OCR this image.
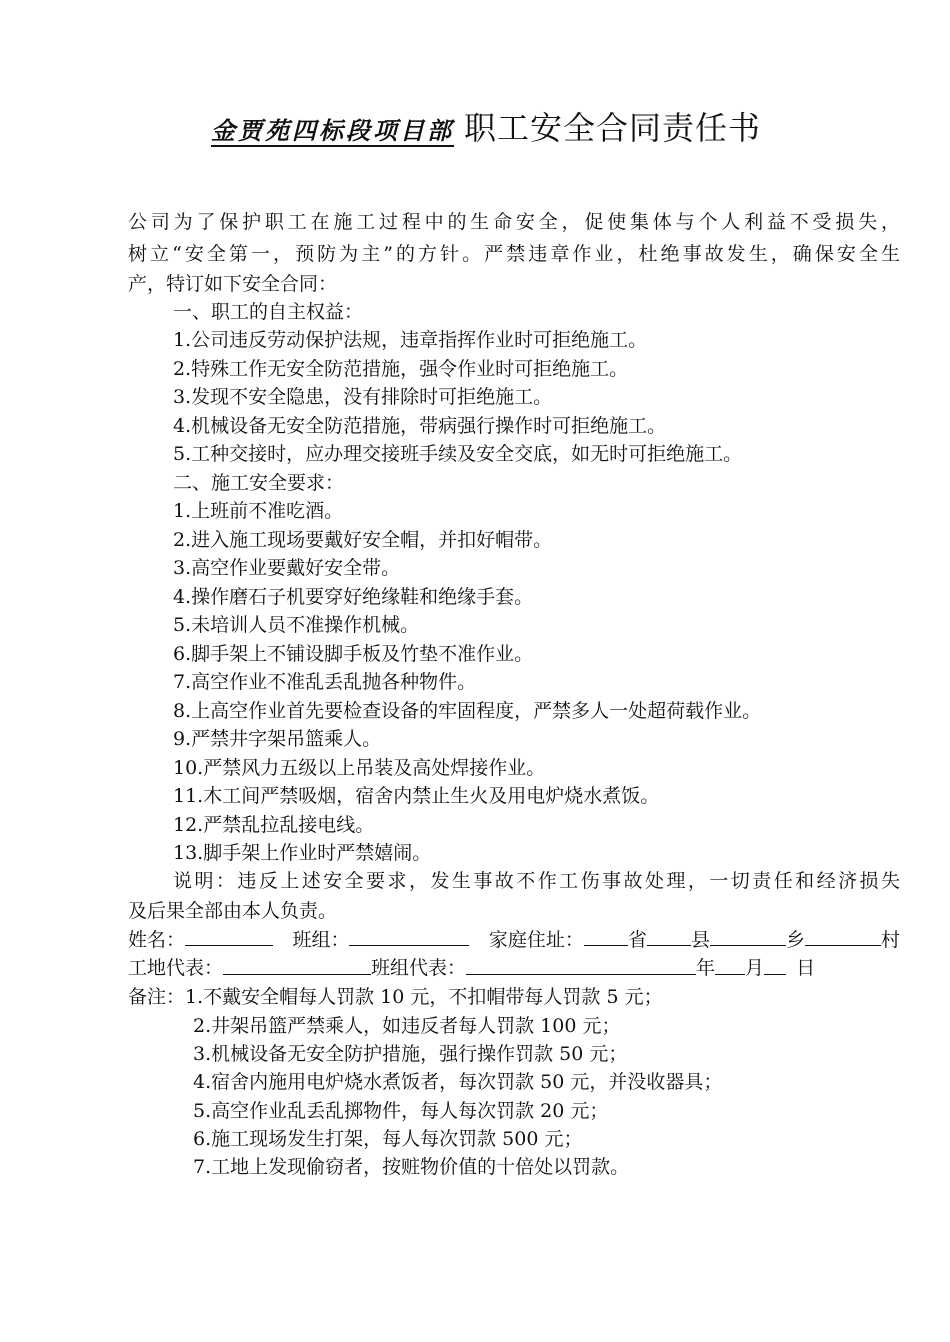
金贾苑四标段项目部 职工安全合同责任书

公司为了保护职工在施工过程中的生命安全，促使集体与个人利益不受损失，

树立“安全第一，预防为主”的方针。严禁违章作业，杜绝事故发生，确保安全生

产，特订如下安全合同：

一、职工的自主权益：

1.公司违反劳动保护法规，违章指挥作业时可拒绝施工。

2.特殊工作无安全防范措施，强令作业时可拒绝施工。

3.发现不安全隐患，没有排除时可拒绝施工。

4.机械设备无安全防范措施，带病强行操作时可拒绝施工。

5.工种交接时，应办理交接班手续及安全交底，如无时可拒绝施工。

二、施工安全要求：

1.上班前不准吃酒。

2.进入施工现场要戴好安全帽，并扣好帽带。

3.高空作业要戴好安全带。

4.操作磨石子机要穿好绝缘鞋和绝缘手套。

5.未培训人员不准操作机械。

6.脚手架上不铺设脚手板及竹垫不准作业。

7.高空作业不准乱丢乱抛各种物件。

8.上高空作业首先要检查设备的牢固程度，严禁多人一处超荷载作业。

9.严禁井字架吊篮乘人。

10.严禁风力五级以上吊装及高处焊接作业。

11.木工间严禁吸烟，宿舍内禁止生火及用电炉烧水煮饭。

12.严禁乱拉乱接电线。

13.脚手架上作业时严禁嬉闹。

说明：违反上述安全要求，发生事故不作工伤事故处理，一切责任和经济损失

及后果全部由本人负责。

姓名：	班组：	家庭住址： 省 县	乡	村
工地代表：	班组代表：	年 月 日

备注：1.不戴安全帽每人罚款 10 元，不扣帽带每人罚款 5 元；

2.井架吊篮严禁乘人，如违反者每人罚款 100 元；

3.机械设备无安全防护措施，强行操作罚款 50 元；

4.宿舍内施用电炉烧水煮饭者，每次罚款 50 元，并没收器具；

5.高空作业乱丢乱掷物件，每人每次罚款 20 元；

6.施工现场发生打架，每人每次罚款 500 元；

7.工地上发现偷窃者，按赃物价值的十倍处以罚款。
